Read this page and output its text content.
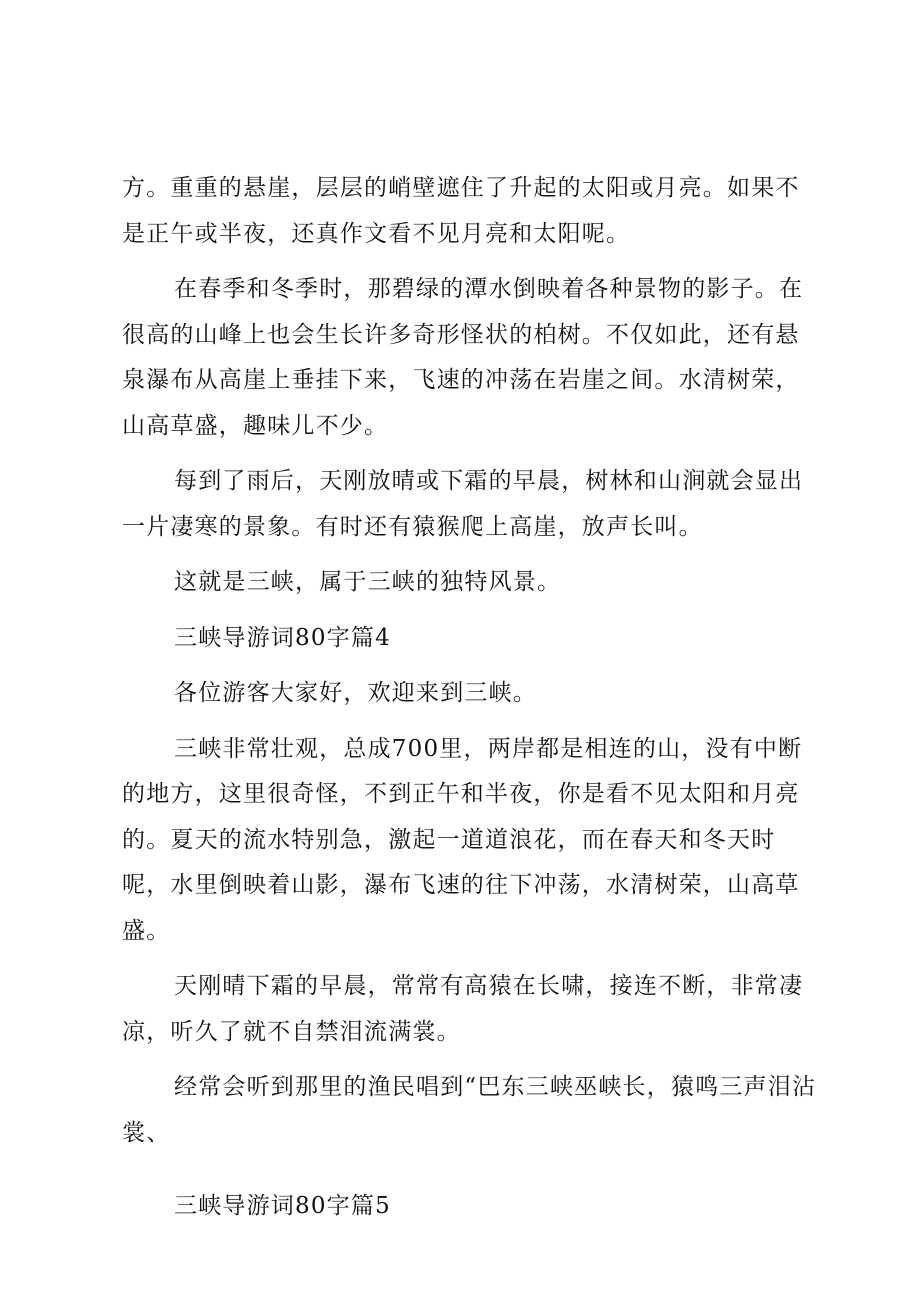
方。重重的悬崖，层层的峭壁遮住了升起的太阳或月亮。如果不是正午或半夜，还真作文看不见月亮和太阳呢。

在春季和冬季时，那碧绿的潭水倒映着各种景物的影子。在很高的山峰上也会生长许多奇形怪状的柏树。不仅如此，还有悬泉瀑布从高崖上垂挂下来，飞速的冲荡在岩崖之间。水清树荣，山高草盛，趣味儿不少。

每到了雨后，天刚放晴或下霜的早晨，树林和山涧就会显出一片凄寒的景象。有时还有猿猴爬上高崖，放声长叫。

这就是三峡，属于三峡的独特风景。

三峡导游词80字篇4

各位游客大家好，欢迎来到三峡。

三峡非常壮观，总成700里，两岸都是相连的山，没有中断的地方，这里很奇怪，不到正午和半夜，你是看不见太阳和月亮的。夏天的流水特别急，激起一道道浪花，而在春天和冬天时呢，水里倒映着山影，瀑布飞速的往下冲荡，水清树荣，山高草盛。

天刚晴下霜的早晨，常常有高猿在长啸，接连不断，非常凄凉，听久了就不自禁泪流满裳。

经常会听到那里的渔民唱到“巴东三峡巫峡长，猿鸣三声泪沾裳、

三峡导游词80字篇5
